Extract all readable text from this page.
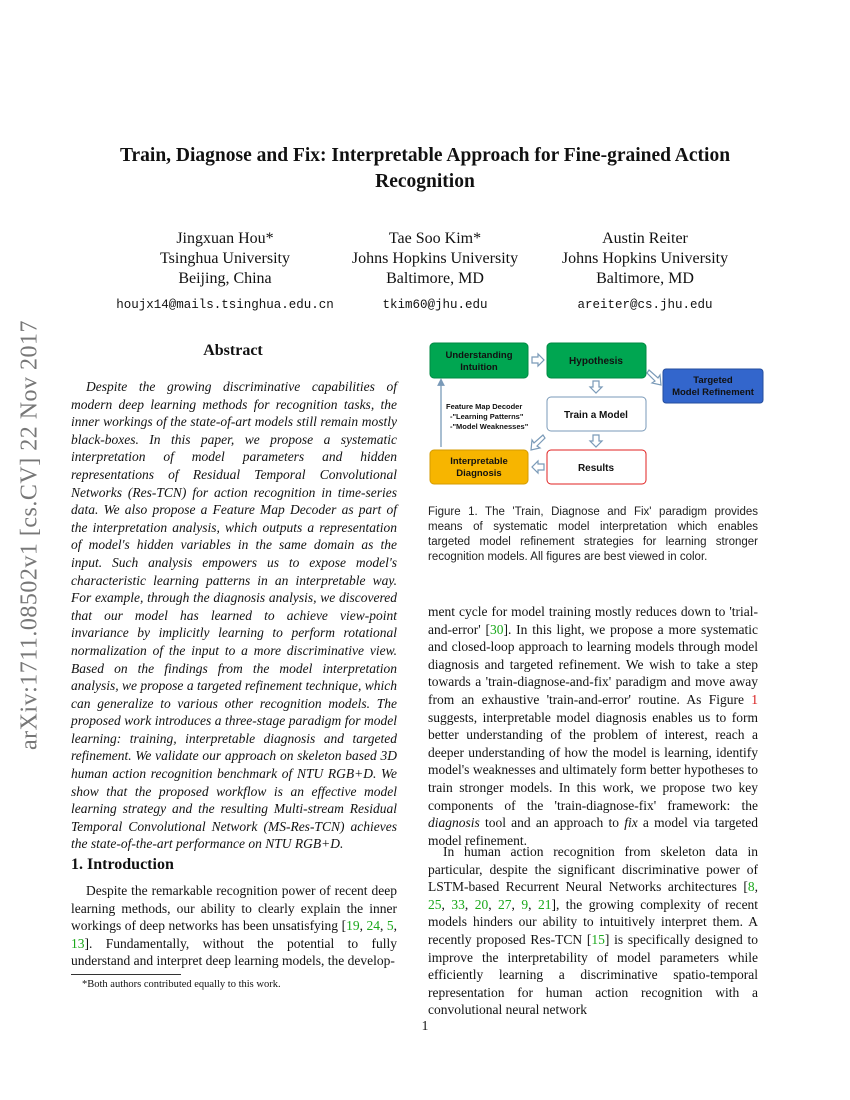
arXiv:1711.08502v1 [cs.CV] 22 Nov 2017
Train, Diagnose and Fix: Interpretable Approach for Fine-grained Action Recognition
Jingxuan Hou*
Tsinghua University
Beijing, China
houjx14@mails.tsinghua.edu.cn
Tae Soo Kim*
Johns Hopkins University
Baltimore, MD
tkim60@jhu.edu
Austin Reiter
Johns Hopkins University
Baltimore, MD
areiter@cs.jhu.edu
Abstract

Despite the growing discriminative capabilities of modern deep learning methods for recognition tasks, the inner workings of the state-of-art models still remain mostly black-boxes. In this paper, we propose a systematic interpretation of model parameters and hidden representations of Residual Temporal Convolutional Networks (Res-TCN) for action recognition in time-series data. We also propose a Feature Map Decoder as part of the interpretation analysis, which outputs a representation of model's hidden variables in the same domain as the input. Such analysis empowers us to expose model's characteristic learning patterns in an interpretable way. For example, through the diagnosis analysis, we discovered that our model has learned to achieve view-point invariance by implicitly learning to perform rotational normalization of the input to a more discriminative view. Based on the findings from the model interpretation analysis, we propose a targeted refinement technique, which can generalize to various other recognition models. The proposed work introduces a three-stage paradigm for model learning: training, interpretable diagnosis and targeted refinement. We validate our approach on skeleton based 3D human action recognition benchmark of NTU RGB+D. We show that the proposed workflow is an effective model learning strategy and the resulting Multi-stream Residual Temporal Convolutional Network (MS-Res-TCN) achieves the state-of-the-art performance on NTU RGB+D.

1. Introduction

Despite the remarkable recognition power of recent deep learning methods, our ability to clearly explain the inner workings of deep networks has been unsatisfying [19, 24, 5, 13]. Fundamentally, without the potential to fully understand and interpret deep learning models, the develop-

*Both authors contributed equally to this work.
Understanding
Intuition
Hypothesis
Targeted
Model Refinement
Train a Model
Interpretable
Diagnosis	Results
Feature Map Decoder
-"Learning Patterns"
-"Model Weaknesses"
Figure 1. The 'Train, Diagnose and Fix' paradigm provides means of systematic model interpretation which enables targeted model refinement strategies for learning stronger recognition models. All figures are best viewed in color.

ment cycle for model training mostly reduces down to 'trial-and-error' [30]. In this light, we propose a more systematic and closed-loop approach to learning models through model diagnosis and targeted refinement. We wish to take a step towards a 'train-diagnose-and-fix' paradigm and move away from an exhaustive 'train-and-error' routine. As Figure 1 suggests, interpretable model diagnosis enables us to form better understanding of the problem of interest, reach a deeper understanding of how the model is learning, identify model's weaknesses and ultimately form better hypotheses to train stronger models. In this work, we propose two key components of the 'train-diagnose-fix' framework: the diagnosis tool and an approach to fix a model via targeted model refinement.

In human action recognition from skeleton data in particular, despite the significant discriminative power of LSTM-based Recurrent Neural Networks architectures [8, 25, 33, 20, 27, 9, 21], the growing complexity of recent models hinders our ability to intuitively interpret them. A recently proposed Res-TCN [15] is specifically designed to improve the interpretability of model parameters while efficiently learning a discriminative spatio-temporal representation for human action recognition with a convolutional neural network

1
